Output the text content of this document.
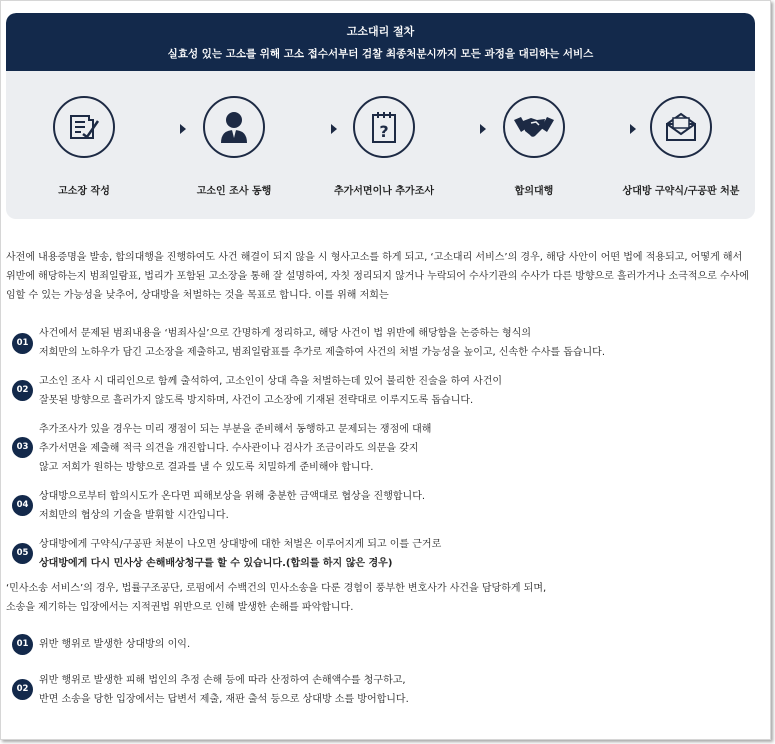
고소대리 절차
실효성 있는 고소를 위해 고소 접수서부터 검찰 최종처분시까지 모든 과정을 대리하는 서비스
고소장 작성	고소인 조사 동행
?
추가서면이나 추가조사	합의대행	상대방 구약식/구공판 처분
사전에 내용증명을 발송, 합의대행을 진행하여도 사건 해결이 되지 않을 시 형사고소를 하게 되고, ‘고소대리 서비스’의 경우, 해당 사안이 어떤 법에 적용되고, 어떻게 해서
위반에 해당하는지 범죄일람표, 법리가 포함된 고소장을 통해 잘 설명하여, 자칫 정리되지 않거나 누락되어 수사기관의 수사가 다른 방향으로 흘러가거나 소극적으로 수사에
임할 수 있는 가능성을 낮추어, 상대방을 처벌하는 것을 목표로 합니다. 이를 위해 저희는
01
사건에서 문제된 범죄내용을 ‘범죄사실’으로 간명하게 정리하고, 해당 사건이 법 위반에 해당함을 논증하는 형식의
저희만의 노하우가 담긴 고소장을 제출하고, 범죄일람표를 추가로 제출하여 사건의 처벌 가능성을 높이고, 신속한 수사를 돕습니다.
02
고소인 조사 시 대리인으로 함께 출석하여, 고소인이 상대 측을 처벌하는데 있어 불리한 진술을 하여 사건이
잘못된 방향으로 흘러가지 않도록 방지하며, 사건이 고소장에 기재된 전략대로 이루지도록 돕습니다.
03
추가조사가 있을 경우는 미리 쟁점이 되는 부분을 준비해서 동행하고 문제되는 쟁점에 대해
추가서면을 제출해 적극 의견을 개진합니다. 수사관이나 검사가 조금이라도 의문을 갖지
않고 저희가 원하는 방향으로 결과를 낼 수 있도록 치밀하게 준비해야 합니다.
04
상대방으로부터 합의시도가 온다면 피해보상을 위해 충분한 금액대로 협상을 진행합니다.
저희만의 협상의 기술을 발휘할 시간입니다.
05
상대방에게 구약식/구공판 처분이 나오면 상대방에 대한 처벌은 이루어지게 되고 이를 근거로
상대방에게 다시 민사상 손해배상청구를 할 수 있습니다.(합의를 하지 않은 경우)
‘민사소송 서비스’의 경우, 법률구조공단, 로펌에서 수백건의 민사소송을 다룬 경험이 풍부한 변호사가 사건을 담당하게 되며,
소송을 제기하는 입장에서는 지적권법 위반으로 인해 발생한 손해를 파악합니다.
01	위반 행위로 발생한 상대방의 이익.
02
위반 행위로 발생한 피해 법인의 추정 손해 등에 따라 산정하여 손해액수를 청구하고,
반면 소송을 당한 입장에서는 답변서 제출, 재판 출석 등으로 상대방 소를 방어합니다.
